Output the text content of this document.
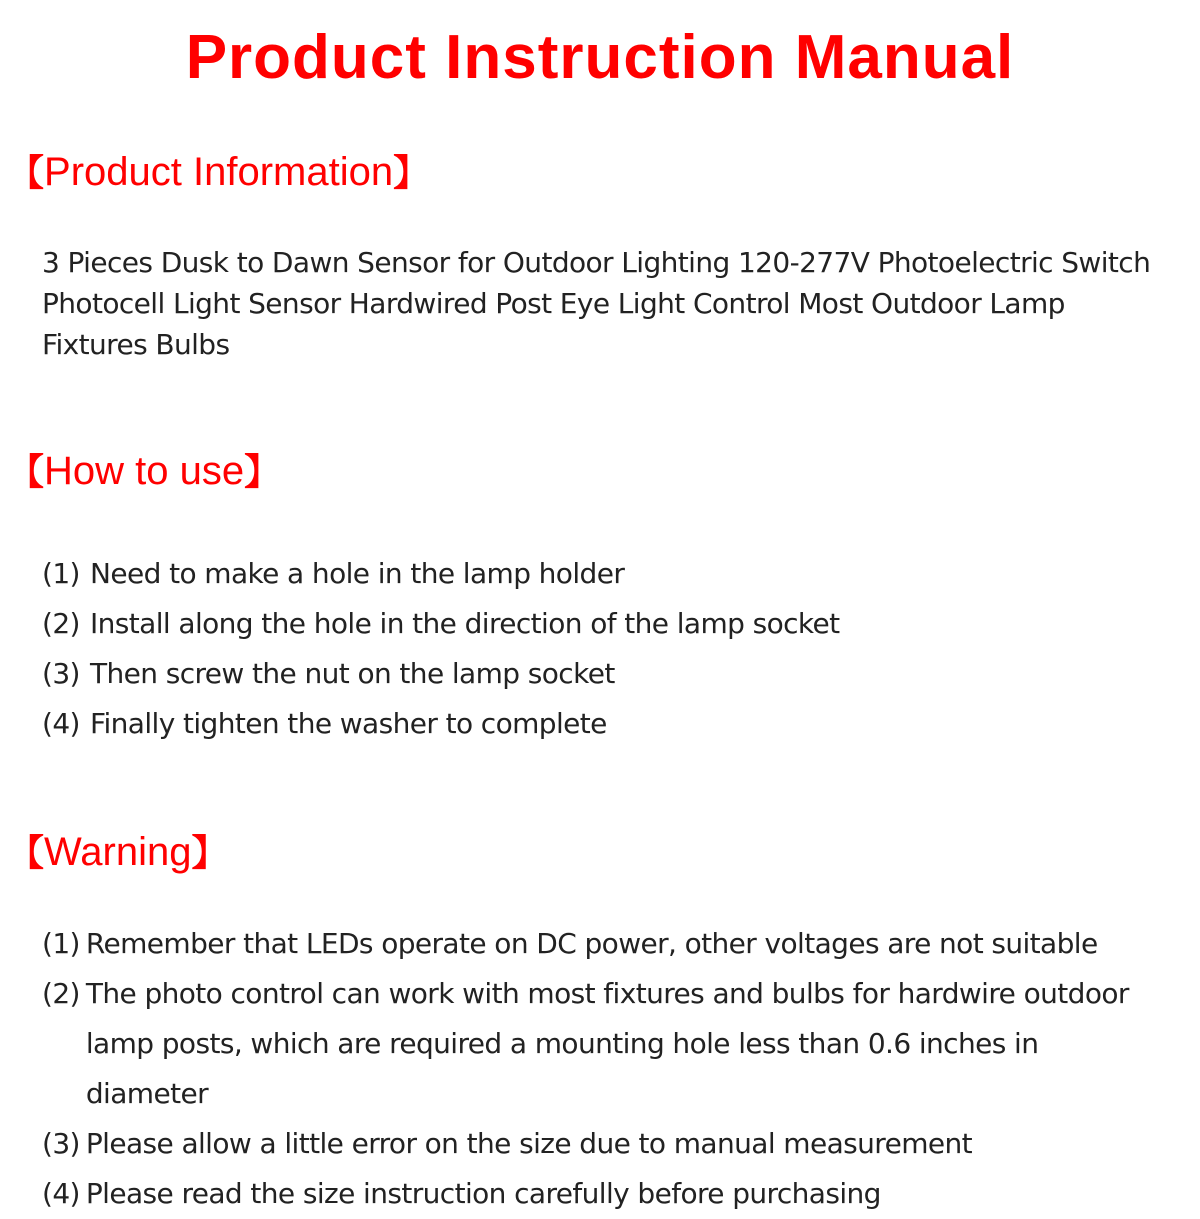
Product Instruction Manual
【Product Information】

3 Pieces Dusk to Dawn Sensor for Outdoor Lighting 120-277V Photoelectric Switch Photocell Light Sensor Hardwired Post Eye Light Control Most Outdoor Lamp Fixtures Bulbs

【How to use】
(1) Need to make a hole in the lamp holder
(2) Install along the hole in the direction of the lamp socket
(3) Then screw the nut on the lamp socket
(4) Finally tighten the washer to complete
【Warning】
(1) Remember that LEDs operate on DC power, other voltages are not suitable
(2) The photo control can work with most fixtures and bulbs for hardwire outdoor lamp posts, which are required a mounting hole less than 0.6 inches in diameter
(3) Please allow a little error on the size due to manual measurement
(4) Please read the size instruction carefully before purchasing
